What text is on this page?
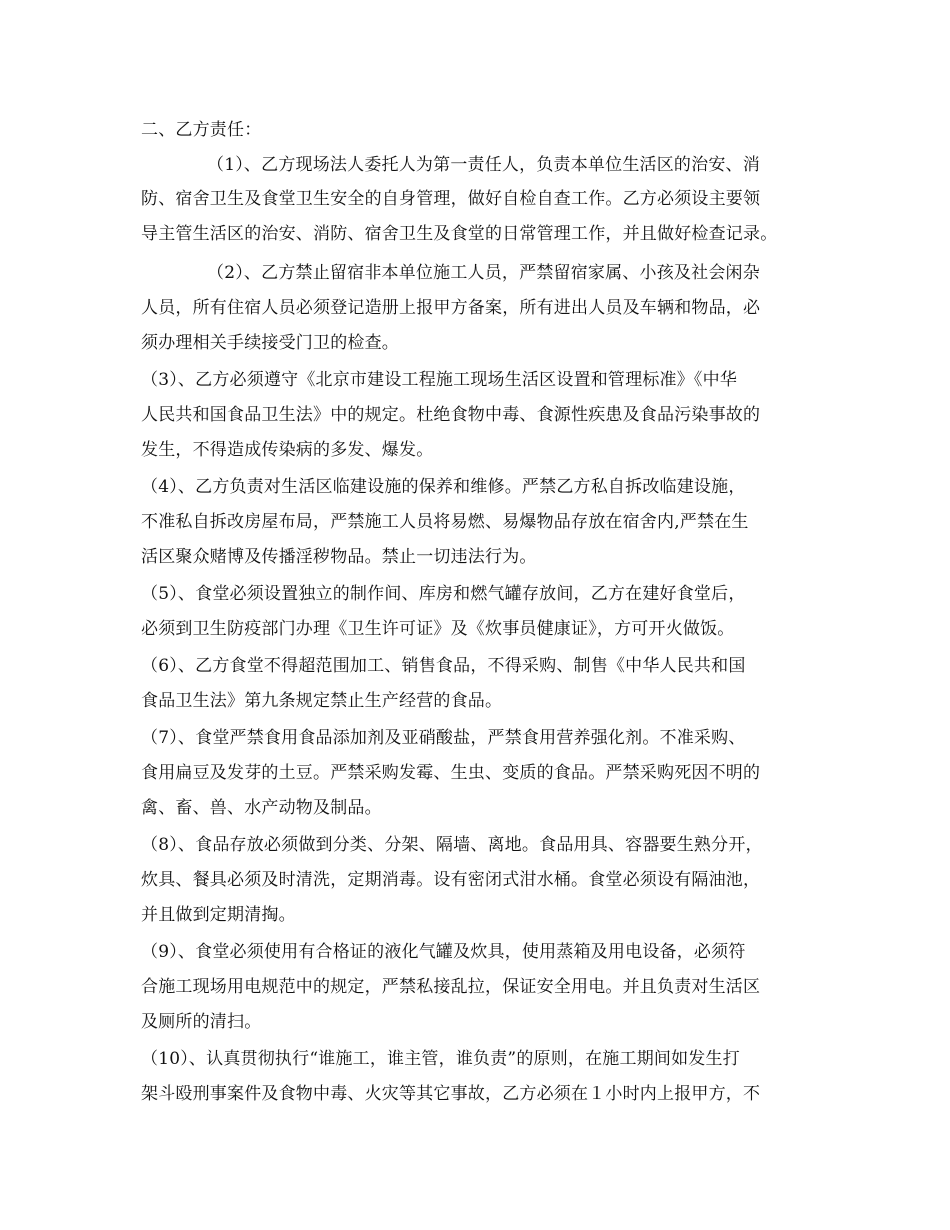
二、乙方责任：
（1）、乙方现场法人委托人为第一责任人，负责本单位生活区的治安、消
防、宿舍卫生及食堂卫生安全的自身管理，做好自检自查工作。乙方必须设主要领
导主管生活区的治安、消防、宿舍卫生及食堂的日常管理工作，并且做好检查记录。
（2）、乙方禁止留宿非本单位施工人员，严禁留宿家属、小孩及社会闲杂
人员，所有住宿人员必须登记造册上报甲方备案，所有进出人员及车辆和物品，必
须办理相关手续接受门卫的检查。
（3）、乙方必须遵守《北京市建设工程施工现场生活区设置和管理标准》《中华
人民共和国食品卫生法》中的规定。杜绝食物中毒、食源性疾患及食品污染事故的
发生，不得造成传染病的多发、爆发。
（4）、乙方负责对生活区临建设施的保养和维修。严禁乙方私自拆改临建设施，
不准私自拆改房屋布局，严禁施工人员将易燃、易爆物品存放在宿舍内,严禁在生
活区聚众赌博及传播淫秽物品。禁止一切违法行为。
（5）、食堂必须设置独立的制作间、库房和燃气罐存放间，乙方在建好食堂后，
必须到卫生防疫部门办理《卫生许可证》及《炊事员健康证》，方可开火做饭。
（6）、乙方食堂不得超范围加工、销售食品，不得采购、制售《中华人民共和国
食品卫生法》第九条规定禁止生产经营的食品。
（7）、食堂严禁食用食品添加剂及亚硝酸盐，严禁食用营养强化剂。不准采购、
食用扁豆及发芽的土豆。严禁采购发霉、生虫、变质的食品。严禁采购死因不明的
禽、畜、兽、水产动物及制品。
（8）、食品存放必须做到分类、分架、隔墙、离地。食品用具、容器要生熟分开，
炊具、餐具必须及时清洗，定期消毒。设有密闭式泔水桶。食堂必须设有隔油池，
并且做到定期清掏。
（9）、食堂必须使用有合格证的液化气罐及炊具，使用蒸箱及用电设备，必须符
合施工现场用电规范中的规定，严禁私接乱拉，保证安全用电。并且负责对生活区
及厕所的清扫。
（10）、认真贯彻执行“谁施工，谁主管，谁负责”的原则，在施工期间如发生打
架斗殴刑事案件及食物中毒、火灾等其它事故，乙方必须在１小时内上报甲方，不
